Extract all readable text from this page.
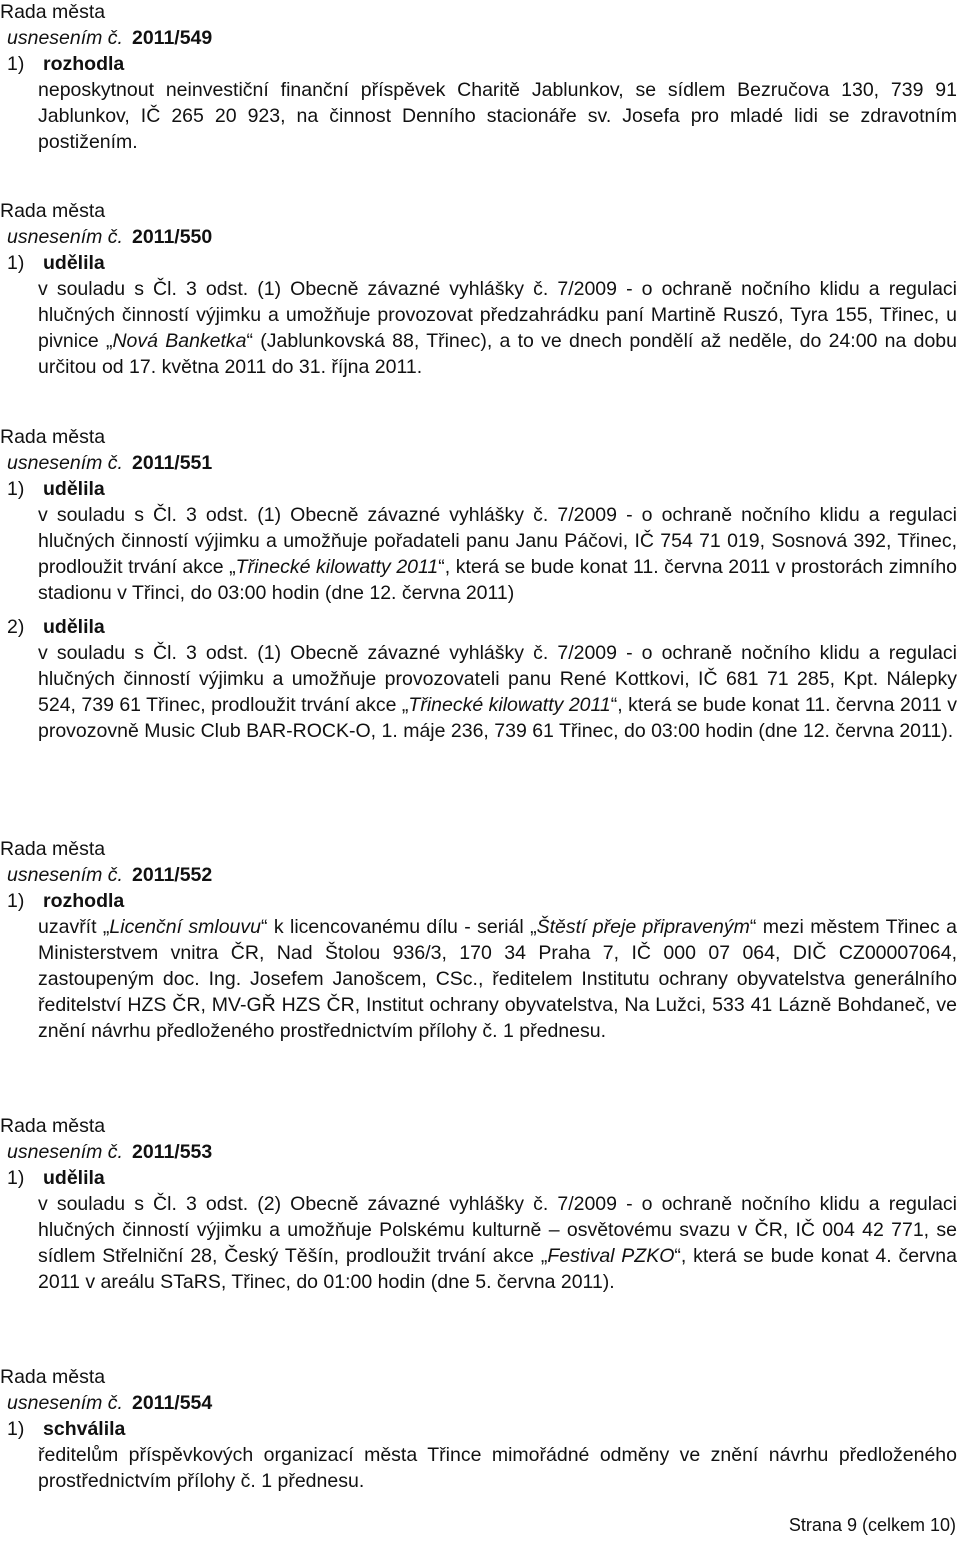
Rada města
usnesením č. 2011/549
1) rozhodla
neposkytnout neinvestiční finanční příspěvek Charitě Jablunkov, se sídlem Bezručova 130, 739 91 Jablunkov, IČ 265 20 923, na činnost Denního stacionáře sv. Josefa pro mladé lidi se zdravotním postižením.
Rada města
usnesením č. 2011/550
1) udělila
v souladu s Čl. 3 odst. (1) Obecně závazné vyhlášky č. 7/2009 - o ochraně nočního klidu a regulaci hlučných činností výjimku a umožňuje provozovat předzahrádku paní Martině Ruszó, Tyra 155, Třinec, u pivnice „Nová Banketka“ (Jablunkovská 88, Třinec), a to ve dnech pondělí až neděle, do 24:00 na dobu určitou od 17. května 2011 do 31. října 2011.
Rada města
usnesením č. 2011/551
1) udělila
v souladu s Čl. 3 odst. (1) Obecně závazné vyhlášky č. 7/2009 - o ochraně nočního klidu a regulaci hlučných činností výjimku a umožňuje pořadateli panu Janu Páčovi, IČ 754 71 019, Sosnová 392, Třinec, prodloužit trvání akce „Třinecké kilowatty 2011“, která se bude konat 11. června 2011 v prostorách zimního stadionu v Třinci, do 03:00 hodin (dne 12. června 2011)
2) udělila
v souladu s Čl. 3 odst. (1) Obecně závazné vyhlášky č. 7/2009 - o ochraně nočního klidu a regulaci hlučných činností výjimku a umožňuje provozovateli panu René Kottkovi, IČ 681 71 285, Kpt. Nálepky 524, 739 61 Třinec, prodloužit trvání akce „Třinecké kilowatty 2011“, která se bude konat 11. června 2011 v provozovně Music Club BAR-ROCK-O, 1. máje 236, 739 61 Třinec, do 03:00 hodin (dne 12. června 2011).
Rada města
usnesením č. 2011/552
1) rozhodla
uzavřít „Licenční smlouvu“ k licencovanému dílu - seriál „Štěstí přeje připraveným“ mezi městem Třinec a Ministerstvem vnitra ČR, Nad Štolou 936/3, 170 34 Praha 7, IČ 000 07 064, DIČ CZ00007064, zastoupeným doc. Ing. Josefem Janošcem, CSc., ředitelem Institutu ochrany obyvatelstva generálního ředitelství HZS ČR, MV-GŘ HZS ČR, Institut ochrany obyvatelstva, Na Lužci, 533 41 Lázně Bohdaneč, ve znění návrhu předloženého prostřednictvím přílohy č. 1 přednesu.
Rada města
usnesením č. 2011/553
1) udělila
v souladu s Čl. 3 odst. (2) Obecně závazné vyhlášky č. 7/2009 - o ochraně nočního klidu a regulaci hlučných činností výjimku a umožňuje Polskému kulturně – osvětovému svazu v ČR, IČ 004 42 771, se sídlem Střelniční 28, Český Těšín, prodloužit trvání akce „Festival PZKO“, která se bude konat 4. června 2011 v areálu STaRS, Třinec, do 01:00 hodin (dne 5. června 2011).
Rada města
usnesením č. 2011/554
1) schválila
ředitelům příspěvkových organizací města Třince mimořádné odměny ve znění návrhu předloženého prostřednictvím přílohy č. 1 přednesu.
Strana 9 (celkem 10)
